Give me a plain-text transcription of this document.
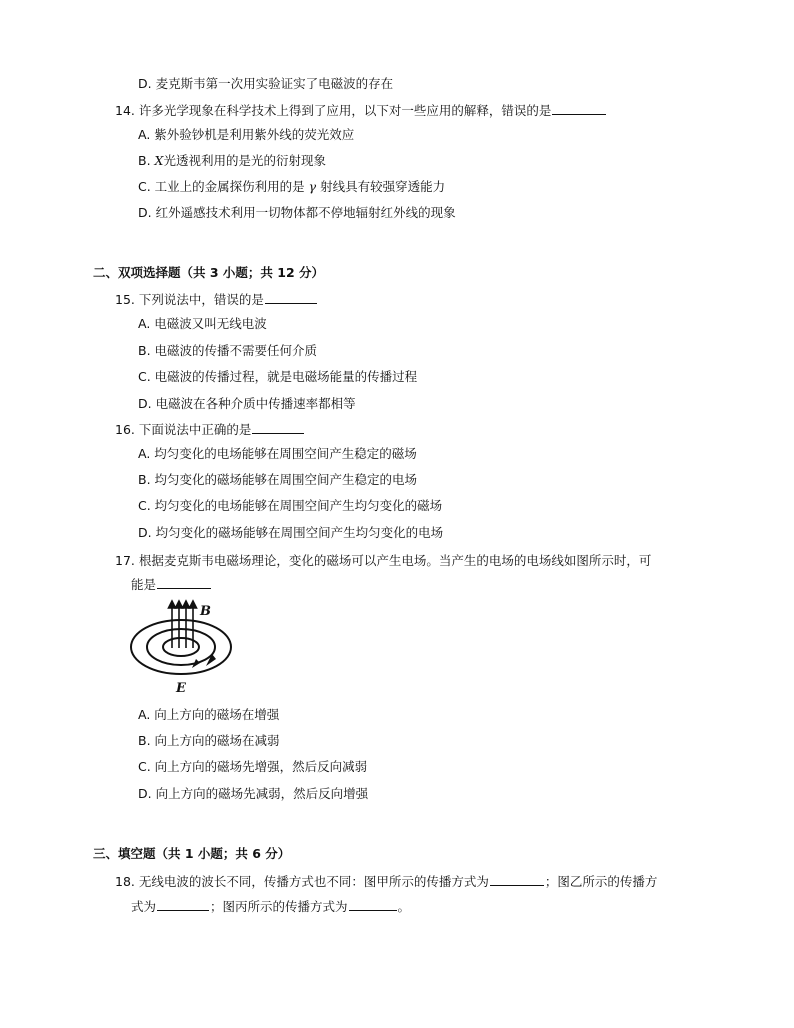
D. 麦克斯韦第一次用实验证实了电磁波的存在
14. 许多光学现象在科学技术上得到了应用，以下对一些应用的解释，错误的是
A. 紫外验钞机是利用紫外线的荧光效应
B. X光透视利用的是光的衍射现象
C. 工业上的金属探伤利用的是 γ 射线具有较强穿透能力
D. 红外遥感技术利用一切物体都不停地辐射红外线的现象
二、双项选择题（共 3 小题；共 12 分）
15. 下列说法中，错误的是
A. 电磁波又叫无线电波
B. 电磁波的传播不需要任何介质
C. 电磁波的传播过程，就是电磁场能量的传播过程
D. 电磁波在各种介质中传播速率都相等
16. 下面说法中正确的是
A. 均匀变化的电场能够在周围空间产生稳定的磁场
B. 均匀变化的磁场能够在周围空间产生稳定的电场
C. 均匀变化的电场能够在周围空间产生均匀变化的磁场
D. 均匀变化的磁场能够在周围空间产生均匀变化的电场
17. 根据麦克斯韦电磁场理论，变化的磁场可以产生电场。当产生的电场的电场线如图所示时，可
能是
B
E
A. 向上方向的磁场在增强
B. 向上方向的磁场在减弱
C. 向上方向的磁场先增强，然后反向减弱
D. 向上方向的磁场先减弱，然后反向增强
三、填空题（共 1 小题；共 6 分）
18. 无线电波的波长不同，传播方式也不同：图甲所示的传播方式为	；图乙所示的传播方
式为	；图丙所示的传播方式为	。
